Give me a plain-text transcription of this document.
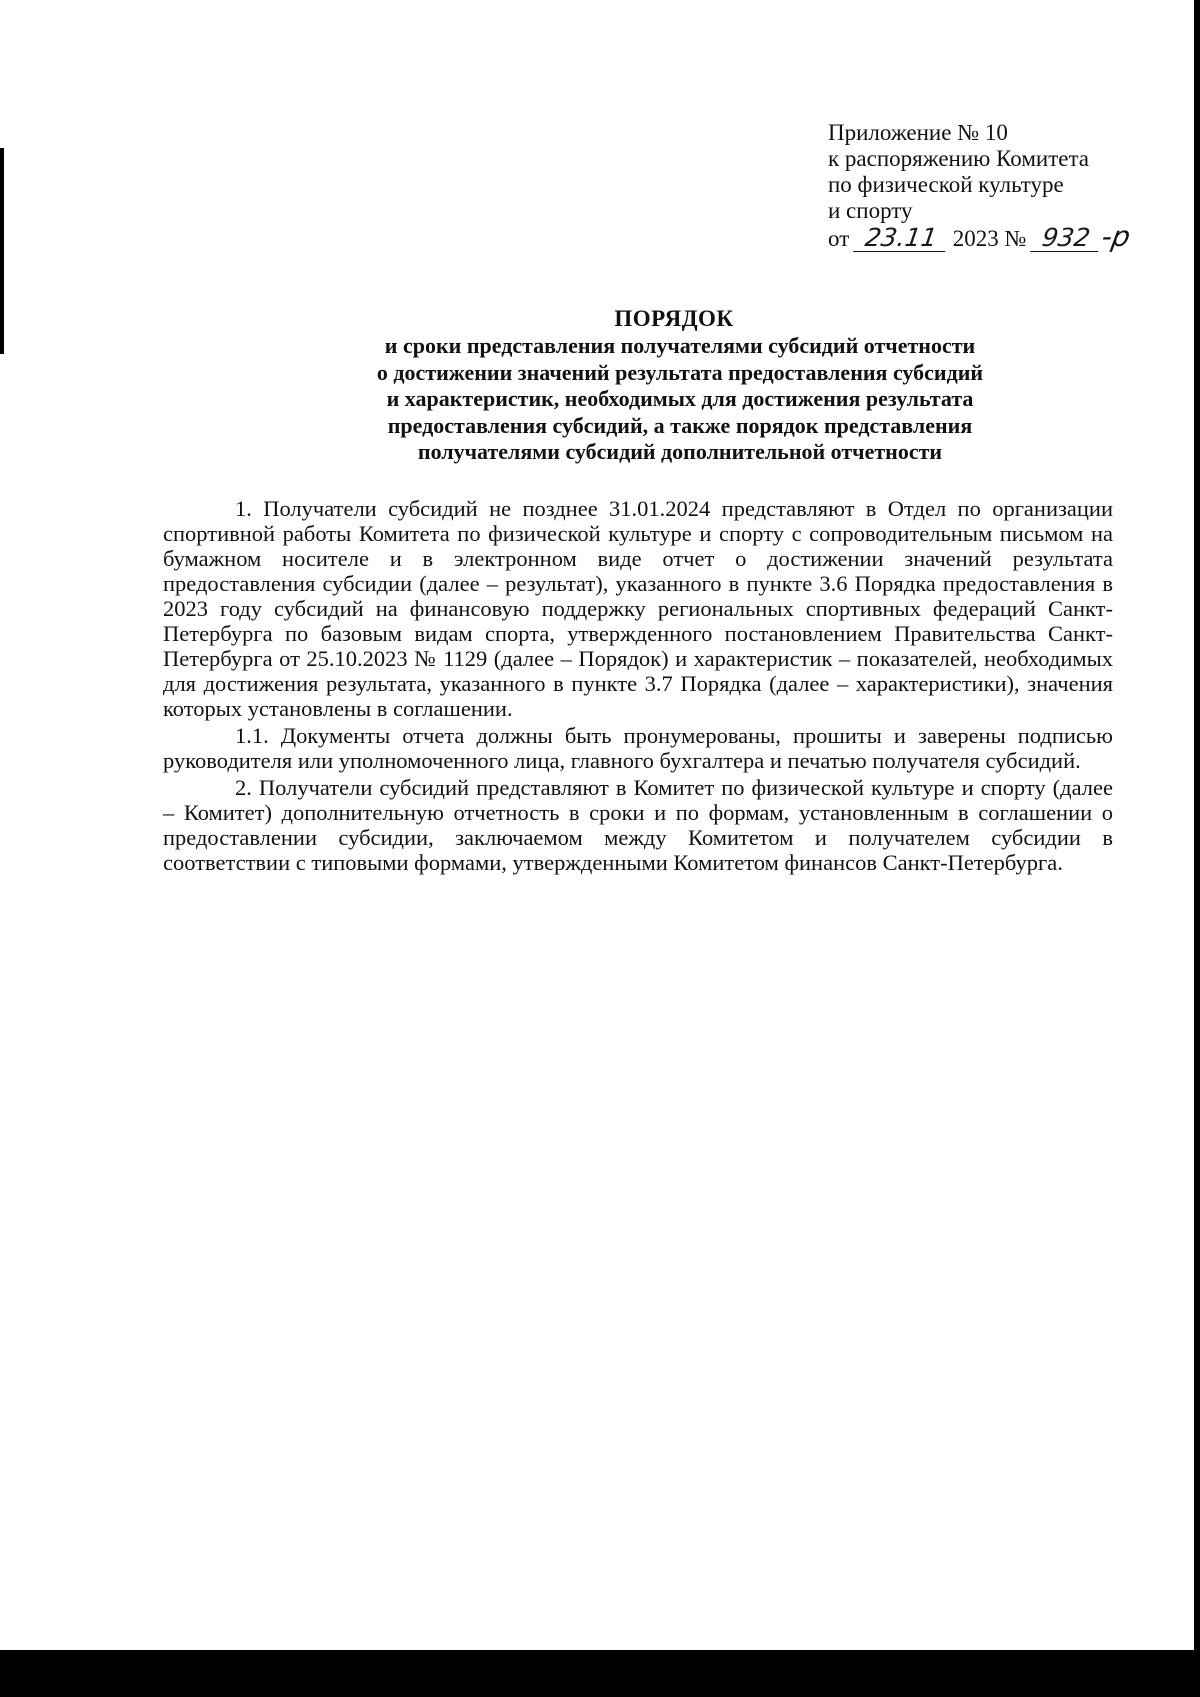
Приложение № 10
к распоряжению Комитета
по физической культуре
и спорту
от 23.11 2023 № 932 -р
ПОРЯДОК
и сроки представления получателями субсидий отчетности
о достижении значений результата предоставления субсидий
и характеристик, необходимых для достижения результата
предоставления субсидий, а также порядок представления
получателями субсидий дополнительной отчетности

1. Получатели субсидий не позднее 31.01.2024 представляют в Отдел по организации спортивной работы Комитета по физической культуре и спорту с сопроводительным письмом на бумажном носителе и в электронном виде отчет о достижении значений результата предоставления субсидии (далее – результат), указанного в пункте 3.6 Порядка предоставления в 2023 году субсидий на финансовую поддержку региональных спортивных федераций Санкт-Петербурга по базовым видам спорта, утвержденного постановлением Правительства Санкт-Петербурга от 25.10.2023 № 1129 (далее – Порядок) и характеристик – показателей, необходимых для достижения результата, указанного в пункте 3.7 Порядка (далее – характеристики), значения которых установлены в соглашении.

1.1. Документы отчета должны быть пронумерованы, прошиты и заверены подписью руководителя или уполномоченного лица, главного бухгалтера и печатью получателя субсидий.

2. Получатели субсидий представляют в Комитет по физической культуре и спорту (далее – Комитет) дополнительную отчетность в сроки и по формам, установленным в соглашении о предоставлении субсидии, заключаемом между Комитетом и получателем субсидии в соответствии с типовыми формами, утвержденными Комитетом финансов Санкт-Петербурга.
